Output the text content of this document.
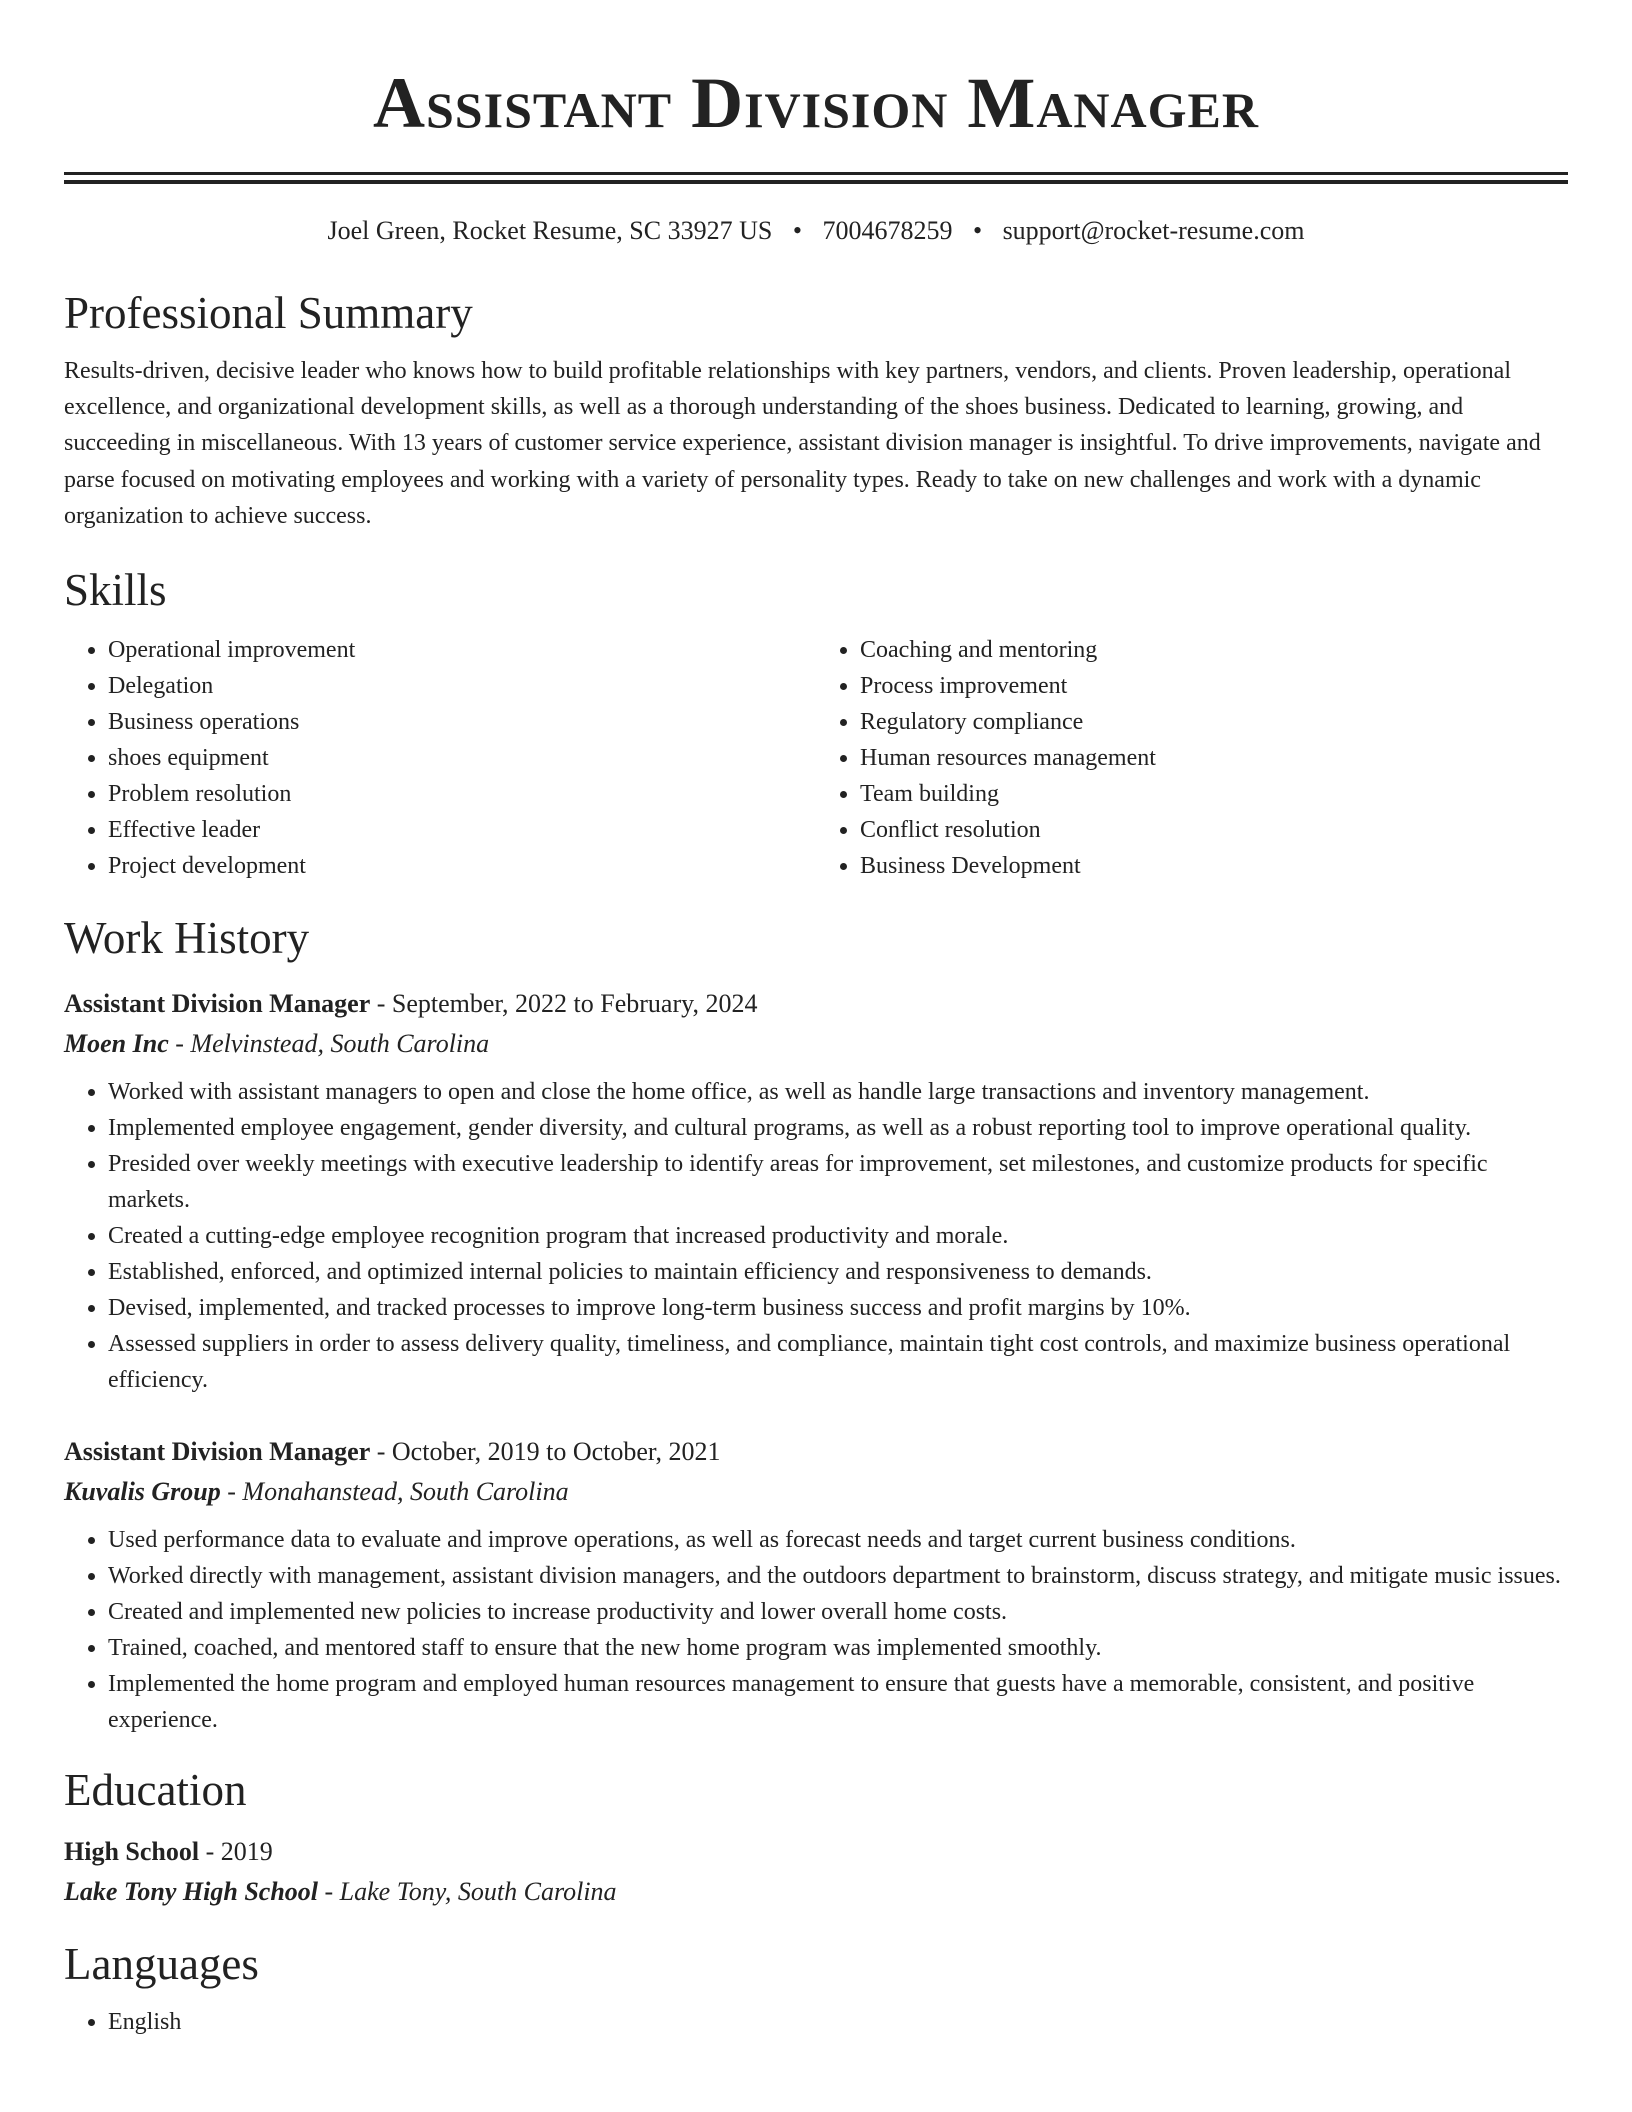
Assistant Division Manager
Joel Green, Rocket Resume, SC 33927 US • 7004678259 • support@rocket-resume.com
Professional Summary
Results-driven, decisive leader who knows how to build profitable relationships with key partners, vendors, and clients. Proven leadership, operational excellence, and organizational development skills, as well as a thorough understanding of the shoes business. Dedicated to learning, growing, and succeeding in miscellaneous. With 13 years of customer service experience, assistant division manager is insightful. To drive improvements, navigate and parse focused on motivating employees and working with a variety of personality types. Ready to take on new challenges and work with a dynamic organization to achieve success.
Skills
• Operational improvement
• Delegation
• Business operations
• shoes equipment
• Problem resolution
• Effective leader
• Project development
• Coaching and mentoring
• Process improvement
• Regulatory compliance
• Human resources management
• Team building
• Conflict resolution
• Business Development
Work History
Assistant Division Manager - September, 2022 to February, 2024
Moen Inc - Melvinstead, South Carolina
• Worked with assistant managers to open and close the home office, as well as handle large transactions and inventory management.
• Implemented employee engagement, gender diversity, and cultural programs, as well as a robust reporting tool to improve operational quality.
• Presided over weekly meetings with executive leadership to identify areas for improvement, set milestones, and customize products for specific markets.
• Created a cutting-edge employee recognition program that increased productivity and morale.
• Established, enforced, and optimized internal policies to maintain efficiency and responsiveness to demands.
• Devised, implemented, and tracked processes to improve long-term business success and profit margins by 10%.
• Assessed suppliers in order to assess delivery quality, timeliness, and compliance, maintain tight cost controls, and maximize business operational efficiency.
Assistant Division Manager - October, 2019 to October, 2021
Kuvalis Group - Monahanstead, South Carolina
• Used performance data to evaluate and improve operations, as well as forecast needs and target current business conditions.
• Worked directly with management, assistant division managers, and the outdoors department to brainstorm, discuss strategy, and mitigate music issues.
• Created and implemented new policies to increase productivity and lower overall home costs.
• Trained, coached, and mentored staff to ensure that the new home program was implemented smoothly.
• Implemented the home program and employed human resources management to ensure that guests have a memorable, consistent, and positive experience.
Education
High School - 2019
Lake Tony High School - Lake Tony, South Carolina
Languages
• English
